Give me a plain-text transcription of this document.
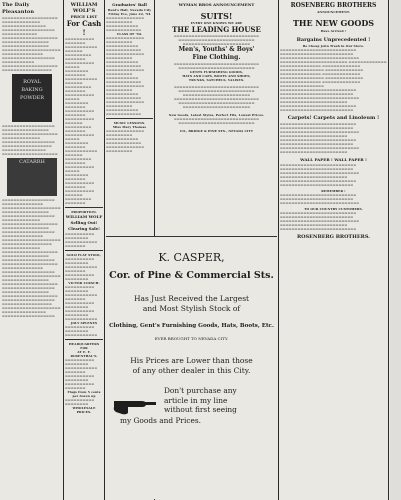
The Daily Pleasanton
▬▬▬▬▬▬▬▬▬▬▬▬▬▬▬▬▬▬▬ ▬▬▬▬▬▬▬▬▬▬▬▬▬ ▬▬▬▬▬▬▬▬▬▬▬▬▬▬▬ ▬▬▬▬▬▬▬▬▬▬▬▬▬▬▬▬▬▬ ▬▬▬▬▬▬▬▬▬▬▬▬ ▬▬▬▬▬▬▬▬▬▬▬▬▬▬▬▬▬▬▬ ▬▬▬▬▬▬▬▬▬▬▬▬▬▬▬▬ ▬▬▬▬▬▬▬▬▬▬▬▬▬▬▬▬ ▬▬▬▬▬▬▬▬▬▬▬▬▬▬▬▬▬▬▬▬ ▬▬▬▬▬▬▬▬▬▬▬▬▬▬ ▬▬▬▬▬▬▬▬▬▬▬▬▬▬▬▬▬▬ ▬▬▬▬▬▬▬▬▬▬▬ ▬▬▬▬▬▬▬▬▬▬▬▬▬▬▬▬▬▬▬ ▬▬▬▬▬▬▬▬▬▬▬▬▬▬▬▬▬
ROYAL BAKING POWDER
▬▬▬▬▬▬▬▬▬▬▬▬▬▬▬▬▬▬ ▬▬▬▬▬▬▬▬▬▬▬▬▬▬▬▬ ▬▬▬▬▬▬▬▬▬▬▬▬▬▬▬▬▬▬▬ ▬▬▬▬▬▬▬▬▬▬▬▬▬ ▬▬▬▬▬▬▬▬▬▬▬▬▬▬▬▬▬▬ ▬▬▬▬▬▬▬▬▬▬▬▬▬▬▬▬▬ ▬▬▬▬▬▬▬▬▬▬▬▬▬▬▬ ▬▬▬▬▬▬▬▬▬▬▬▬▬▬▬▬▬▬▬
CATARRH
▬▬▬▬▬▬▬▬▬▬▬▬▬▬▬▬▬▬ ▬▬▬▬▬▬▬▬▬▬▬▬▬▬ ▬▬▬▬▬▬▬▬▬▬▬▬▬▬▬▬▬▬▬▬ ▬▬▬▬▬▬▬▬▬▬▬▬▬▬▬▬ ▬▬▬▬▬▬▬▬▬▬▬▬▬▬▬▬▬▬ ▬▬▬▬▬▬▬▬▬▬▬▬▬ ▬▬▬▬▬▬▬▬▬▬▬▬▬▬▬▬▬▬▬ ▬▬▬▬▬▬▬▬▬▬▬▬▬▬▬▬ ▬▬▬▬▬▬▬▬▬▬▬▬▬▬▬▬▬▬ ▬▬▬▬▬▬▬▬▬▬▬▬▬▬ ▬▬▬▬▬▬▬▬▬▬▬▬▬▬▬▬▬▬▬▬ ▬▬▬▬▬▬▬▬▬▬▬▬▬▬▬▬▬ ▬▬▬▬▬▬▬▬▬▬▬▬▬ ▬▬▬▬▬▬▬▬▬▬▬▬▬▬▬▬▬▬▬ ▬▬▬▬▬▬▬▬▬▬▬▬▬▬▬▬ ▬▬▬▬▬▬▬▬▬▬▬▬▬▬▬▬▬▬ ▬▬▬▬▬▬▬▬▬▬▬▬▬▬▬▬▬▬▬ ▬▬▬▬▬▬▬▬▬▬▬▬▬▬ ▬▬▬▬▬▬▬▬▬▬▬▬▬▬▬▬▬▬ ▬▬▬▬▬▬▬▬▬▬▬▬▬▬▬▬▬▬▬▬ ▬▬▬▬▬▬▬▬▬▬▬▬▬▬▬▬ ▬▬▬▬▬▬▬▬▬▬▬▬▬▬▬▬▬▬▬ ▬▬▬▬▬▬▬▬▬▬▬▬▬▬▬▬▬▬ ▬▬▬▬▬▬▬▬▬▬▬▬▬▬▬▬ ▬▬▬▬▬▬▬▬▬▬▬▬▬▬▬▬▬▬▬ ▬▬▬▬▬▬▬▬▬▬▬▬▬▬▬▬▬▬ ▬▬▬▬▬▬▬▬▬▬▬▬▬▬▬▬▬ ▬▬▬▬▬▬▬▬▬▬▬▬▬▬▬▬▬▬▬▬ ▬▬▬▬▬▬▬▬▬▬▬▬▬▬▬ ▬▬▬▬▬▬▬▬▬▬▬▬▬▬▬▬▬▬
WILLIAM WOLF'S
PRICE LIST
For Cash !
▬▬▬▬▬▬▬▬▬▬ ▬▬▬▬▬▬▬ ▬▬▬▬▬▬▬▬▬▬▬ ▬▬▬▬▬▬ ▬▬▬▬▬▬▬▬▬ ▬▬▬▬▬▬▬ ▬▬▬▬▬▬▬▬▬▬ ▬▬▬▬▬ ▬▬▬▬▬▬▬▬ ▬▬▬▬▬▬▬ ▬▬▬▬▬▬▬▬▬▬▬ ▬▬▬▬▬▬ ▬▬▬▬▬▬▬▬▬ ▬▬▬▬▬▬▬ ▬▬▬▬▬▬▬▬▬▬ ▬▬▬▬▬ ▬▬▬▬▬▬▬▬ ▬▬▬▬▬▬▬ ▬▬▬▬▬▬▬▬▬▬ ▬▬▬▬▬▬▬ ▬▬▬▬▬▬▬▬▬▬ ▬▬▬▬▬▬ ▬▬▬▬▬▬▬▬▬ ▬▬▬▬▬▬▬ ▬▬▬▬▬▬▬▬▬▬ ▬▬▬▬▬ ▬▬▬▬▬▬▬▬ ▬▬▬▬▬▬▬ ▬▬▬▬▬▬▬▬▬▬▬ ▬▬▬▬▬▬ ▬▬▬▬▬▬▬▬▬ ▬▬▬▬▬▬▬ ▬▬▬▬▬▬▬▬▬▬ ▬▬▬▬▬ ▬▬▬▬▬▬▬▬ ▬▬▬▬▬▬▬ ▬▬▬▬▬▬▬▬▬▬ ▬▬▬▬▬▬▬ ▬▬▬▬▬▬▬▬▬▬ ▬▬▬▬▬▬ ▬▬▬▬▬▬▬▬▬ ▬▬▬▬▬▬▬
PROPORTION.
WILLIAM WOLF
Selling Out!
Clearing Sale!
▬▬▬▬▬▬▬▬▬▬ ▬▬▬▬▬▬▬▬ ▬▬▬▬▬▬▬▬▬▬▬ ▬▬▬▬▬▬▬
GOLD FLAT STOOL,
▬▬▬▬▬▬▬▬▬▬ ▬▬▬▬▬▬▬▬ ▬▬▬▬▬▬▬▬▬▬▬ ▬▬▬▬▬▬▬ ▬▬▬▬▬▬▬▬▬▬ ▬▬▬▬▬▬▬▬
VICTOR LURSCH.
▬▬▬▬▬▬▬▬▬▬ ▬▬▬▬▬▬▬▬ ▬▬▬▬▬▬▬▬▬▬▬ ▬▬▬▬▬▬▬ ▬▬▬▬▬▬▬▬▬▬ ▬▬▬▬▬▬▬▬ ▬▬▬▬▬▬▬▬▬▬ ▬▬▬▬▬▬▬▬ ▬▬▬▬▬▬▬▬▬▬▬
JOLY SPLENES
▬▬▬▬▬▬▬▬▬▬ ▬▬▬▬▬▬▬▬ ▬▬▬▬▬▬▬▬▬▬▬
HEADQUARTERS FOR
AT E. F. ROSENTHAL'S.
▬▬▬▬▬▬▬▬▬▬ ▬▬▬▬▬▬▬▬ ▬▬▬▬▬▬▬▬▬▬▬ ▬▬▬▬▬▬▬ ▬▬▬▬▬▬▬▬▬▬ ▬▬▬▬▬▬▬▬ ▬▬▬▬▬▬▬▬▬▬ ▬▬▬▬▬▬▬
Flags from 5 cents per dozen up
▬▬▬▬▬▬▬▬▬▬ ▬▬▬▬▬▬▬▬
WHOLESALE PRICES.
Graduates' Ball
Bent's Hall, Nevada City
Friday Eve, June 22, '94
▬▬▬▬▬▬▬▬▬▬▬▬▬ ▬▬▬▬▬▬▬▬▬ ▬▬▬▬▬▬▬▬▬▬▬ ▬▬▬▬▬▬▬▬▬▬▬▬
CLASS OF '94.
▬▬▬▬▬▬▬▬▬▬▬▬▬ ▬▬▬▬▬▬▬▬▬ ▬▬▬▬▬▬▬▬▬▬▬ ▬▬▬▬▬▬▬▬▬▬▬▬ ▬▬▬▬▬▬▬▬▬▬▬▬▬ ▬▬▬▬▬▬▬▬▬ ▬▬▬▬▬▬▬▬▬▬▬ ▬▬▬▬▬▬▬▬▬▬▬▬ ▬▬▬▬▬▬▬▬▬▬▬▬▬ ▬▬▬▬▬▬▬▬▬ ▬▬▬▬▬▬▬▬▬▬▬ ▬▬▬▬▬▬▬▬▬▬▬▬ ▬▬▬▬▬▬▬▬▬▬▬▬▬ ▬▬▬▬▬▬▬▬▬ ▬▬▬▬▬▬▬▬▬▬▬ ▬▬▬▬▬▬▬▬▬▬▬▬ ▬▬▬▬▬▬▬▬▬▬▬▬▬ ▬▬▬▬▬▬▬▬▬ ▬▬▬▬▬▬▬▬▬▬▬ ▬▬▬▬▬▬▬▬▬▬▬▬
MUSIC LESSONS.
Miss Mary Thomas
▬▬▬▬▬▬▬▬▬▬▬▬▬ ▬▬▬▬▬▬▬▬▬ ▬▬▬▬▬▬▬▬▬▬▬ ▬▬▬▬▬▬▬▬▬▬▬▬ ▬▬▬▬▬▬▬▬▬▬▬▬▬ ▬▬▬▬▬▬▬▬▬
WYMAN BROS ANNOUNCEMENT
SUITS!
EVERY ONE KNOWS WE ARE
THE LEADING HOUSE
▬▬▬▬▬▬▬▬▬▬▬▬▬▬▬▬▬▬▬▬▬▬▬▬▬▬▬▬▬ ▬▬▬▬▬▬▬▬▬▬▬▬▬▬▬▬▬▬▬▬▬▬▬▬▬▬ ▬▬▬▬▬▬▬▬▬▬▬▬▬▬▬▬▬▬▬▬▬▬▬
Men's, Youths' & Boys'
Fine Clothing.
▬▬▬▬▬▬▬▬▬▬▬▬▬▬▬▬▬▬▬▬▬▬▬▬▬▬▬▬▬ ▬▬▬▬▬▬▬▬▬▬▬▬▬▬▬▬▬▬▬▬▬▬▬▬▬▬
GENTS FURNISHING GOODS,
HATS AND CAPS, BOOTS AND SHOES,
TRUNKS, SATCHELS, VALISES.
▬▬▬▬▬▬▬▬▬▬▬▬▬▬▬▬▬▬▬▬▬▬▬▬▬▬▬▬▬ ▬▬▬▬▬▬▬▬▬▬▬▬▬▬▬▬▬▬▬▬▬▬▬▬▬▬ ▬▬▬▬▬▬▬▬▬▬▬▬▬▬▬▬▬▬▬▬▬▬▬ ▬▬▬▬▬▬▬▬▬▬▬▬▬▬▬▬▬▬▬▬▬▬▬▬▬▬▬▬▬ ▬▬▬▬▬▬▬▬▬▬▬▬▬▬▬▬▬▬▬▬▬▬▬▬▬▬ ▬▬▬▬▬▬▬▬▬▬▬▬▬▬▬▬▬▬▬▬▬▬▬
New Goods, Latest Styles, Perfect Fits, Lowest Prices.
▬▬▬▬▬▬▬▬▬▬▬▬▬▬▬▬▬▬▬▬▬▬▬▬▬▬▬▬▬ ▬▬▬▬▬▬▬▬▬▬▬▬▬▬▬▬▬▬▬▬▬▬▬▬▬▬
CO., BRIDGE & PINE STS., NEVADA CITY
ROSENBERG BROTHERS
ANNOUNCEMENT.
THE NEW GOODS
Have Arrived !
Bargains Unprecedented !
Be Cheap John Trash in Our Store.
▬▬▬▬▬▬▬▬▬▬▬▬▬▬▬▬▬▬▬▬▬▬▬▬▬▬ ▬▬▬▬▬▬▬▬▬▬▬▬▬▬▬▬▬▬▬▬▬▬▬▬▬ ▬▬▬▬▬▬▬▬▬▬▬▬▬▬▬▬▬▬▬▬▬▬▬▬▬▬▬ ▬▬▬▬▬▬▬▬▬▬▬▬▬▬▬▬▬▬▬▬▬▬▬ ▬▬▬▬▬▬▬▬▬▬▬▬▬ ▬▬▬▬▬▬▬▬▬▬▬▬▬▬ ▬▬▬▬▬▬▬▬▬▬▬▬▬ ▬▬▬▬▬▬▬▬▬▬▬▬▬▬▬ ▬▬▬▬▬▬▬▬▬▬▬▬▬ ▬▬▬▬▬▬▬▬▬▬▬▬▬▬ ▬▬▬▬▬▬▬▬▬▬▬▬▬ ▬▬▬▬▬▬▬▬▬▬▬▬▬▬▬ ▬▬▬▬▬▬▬▬▬▬▬▬▬ ▬▬▬▬▬▬▬▬▬▬▬▬▬▬ ▬▬▬▬▬▬▬▬▬▬▬▬▬ ▬▬▬▬▬▬▬▬▬▬▬▬▬▬▬ ▬▬▬▬▬▬▬▬▬▬▬▬▬▬▬▬▬▬▬▬▬▬▬▬▬▬ ▬▬▬▬▬▬▬▬▬▬▬▬▬▬▬▬▬▬▬▬▬▬▬▬▬ ▬▬▬▬▬▬▬▬▬▬▬▬▬▬▬▬▬▬▬▬▬▬▬▬▬▬▬ ▬▬▬▬▬▬▬▬▬▬▬▬▬▬▬▬▬▬▬▬▬▬▬ ▬▬▬▬▬▬▬▬▬▬▬▬▬▬▬▬▬▬▬▬▬▬▬▬▬▬ ▬▬▬▬▬▬▬▬▬▬▬▬▬▬▬▬▬▬▬▬▬▬▬▬▬
Carpets! Carpets and Linoleum !
▬▬▬▬▬▬▬▬▬▬▬▬▬▬▬▬▬▬▬▬▬▬▬▬▬▬ ▬▬▬▬▬▬▬▬▬▬▬▬▬▬▬▬▬▬▬▬▬▬▬▬▬ ▬▬▬▬▬▬▬▬▬▬▬▬▬▬▬▬▬▬▬▬▬▬▬▬▬▬▬ ▬▬▬▬▬▬▬▬▬▬▬▬▬▬▬▬▬▬▬▬▬▬▬ ▬▬▬▬▬▬▬▬▬▬▬▬▬▬▬▬▬▬▬▬▬▬▬▬▬▬ ▬▬▬▬▬▬▬▬▬▬▬▬▬▬▬▬▬▬▬▬▬▬▬▬▬ ▬▬▬▬▬▬▬▬▬▬▬▬▬▬▬▬▬▬▬▬▬▬▬▬▬▬▬ ▬▬▬▬▬▬▬▬▬▬▬▬▬▬▬▬▬▬▬▬▬▬▬
WALL PAPER ! WALL PAPER !
▬▬▬▬▬▬▬▬▬▬▬▬▬▬▬▬▬▬▬▬▬▬▬▬▬▬ ▬▬▬▬▬▬▬▬▬▬▬▬▬▬▬▬▬▬▬▬▬▬▬▬▬ ▬▬▬▬▬▬▬▬▬▬▬▬▬▬▬▬▬▬▬▬▬▬▬▬▬▬▬ ▬▬▬▬▬▬▬▬▬▬▬▬▬▬▬▬▬▬▬▬▬▬▬ ▬▬▬▬▬▬▬▬▬▬▬▬▬▬▬▬▬▬▬▬▬▬▬▬▬▬ ▬▬▬▬▬▬▬▬▬▬▬▬▬▬▬▬▬▬▬▬▬▬▬▬▬
REMEMBER !
▬▬▬▬▬▬▬▬▬▬▬▬▬▬▬▬▬▬▬▬▬▬▬▬▬▬ ▬▬▬▬▬▬▬▬▬▬▬▬▬▬▬▬▬▬▬▬▬▬▬▬▬ ▬▬▬▬▬▬▬▬▬▬▬▬▬▬▬▬▬▬▬▬▬▬▬▬▬▬▬
TO OUR COUNTRY CUSTOMERS.
▬▬▬▬▬▬▬▬▬▬▬▬▬▬▬▬▬▬▬▬▬▬▬▬▬▬ ▬▬▬▬▬▬▬▬▬▬▬▬▬▬▬▬▬▬▬▬▬▬▬▬▬ ▬▬▬▬▬▬▬▬▬▬▬▬▬▬▬▬▬▬▬▬▬▬▬▬▬▬▬ ▬▬▬▬▬▬▬▬▬▬▬▬▬▬▬▬▬▬▬▬▬▬▬ ▬▬▬▬▬▬▬▬▬▬▬▬▬▬▬▬▬▬▬▬▬▬▬▬▬▬
ROSENBERG BROTHERS.
K. CASPER,
Cor. of Pine & Commercial Sts.
Has Just Received the Largest
and Most Stylish Stock of
Clothing, Gent's Furnishing Goods, Hats, Boots, Etc.
EVER BROUGHT TO NEVADA CITY.
His Prices are Lower than those
of any other dealer in this City.
Don't purchase any
article in my line
without first seeing
my Goods and Prices.
